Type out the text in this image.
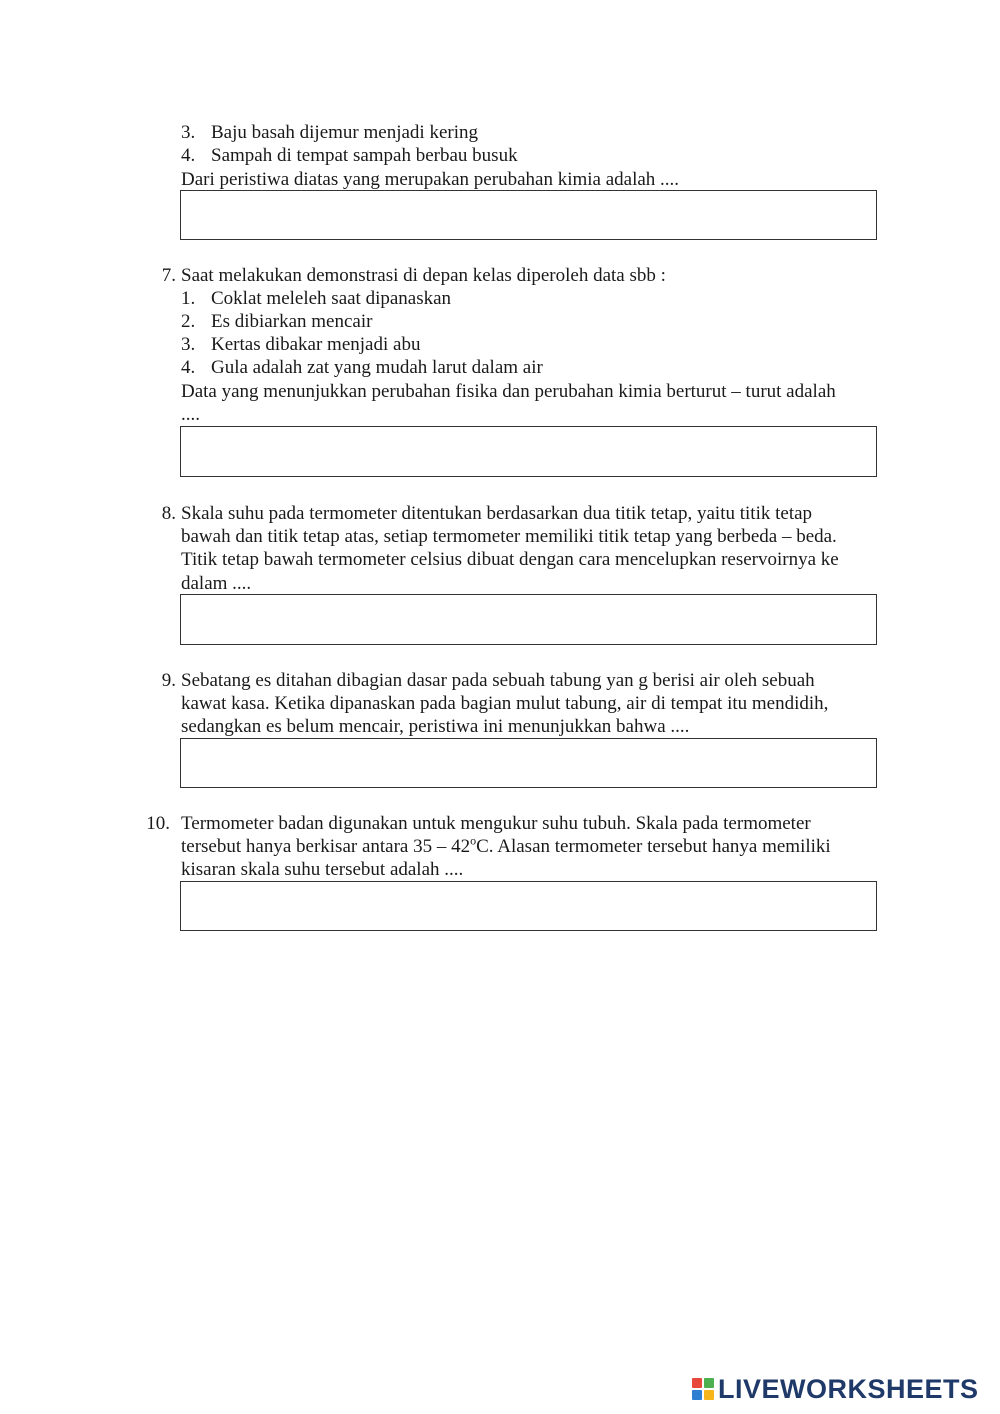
3. Baju basah dijemur menjadi kering
4. Sampah di tempat sampah berbau busuk
Dari peristiwa diatas yang merupakan perubahan kimia adalah ....
7. Saat melakukan demonstrasi di depan kelas diperoleh data sbb :
1. Coklat meleleh saat dipanaskan
2. Es dibiarkan mencair
3. Kertas dibakar menjadi abu
4. Gula adalah zat yang mudah larut dalam air
Data yang menunjukkan perubahan fisika dan perubahan kimia berturut – turut adalah
....
8. Skala suhu pada termometer ditentukan berdasarkan dua titik tetap, yaitu titik tetap
bawah dan titik tetap atas, setiap termometer memiliki titik tetap yang berbeda – beda.
Titik tetap bawah termometer celsius dibuat dengan cara mencelupkan reservoirnya ke
dalam ....
9. Sebatang es ditahan dibagian dasar pada sebuah tabung yan g berisi air oleh sebuah
kawat kasa. Ketika dipanaskan pada bagian mulut tabung, air di tempat itu mendidih,
sedangkan es belum mencair, peristiwa ini menunjukkan bahwa ....
10. Termometer badan digunakan untuk mengukur suhu tubuh. Skala pada termometer
tersebut hanya berkisar antara 35 – 42$^o$C. Alasan termometer tersebut hanya memiliki
kisaran skala suhu tersebut adalah ....
LIVEWORKSHEETS
